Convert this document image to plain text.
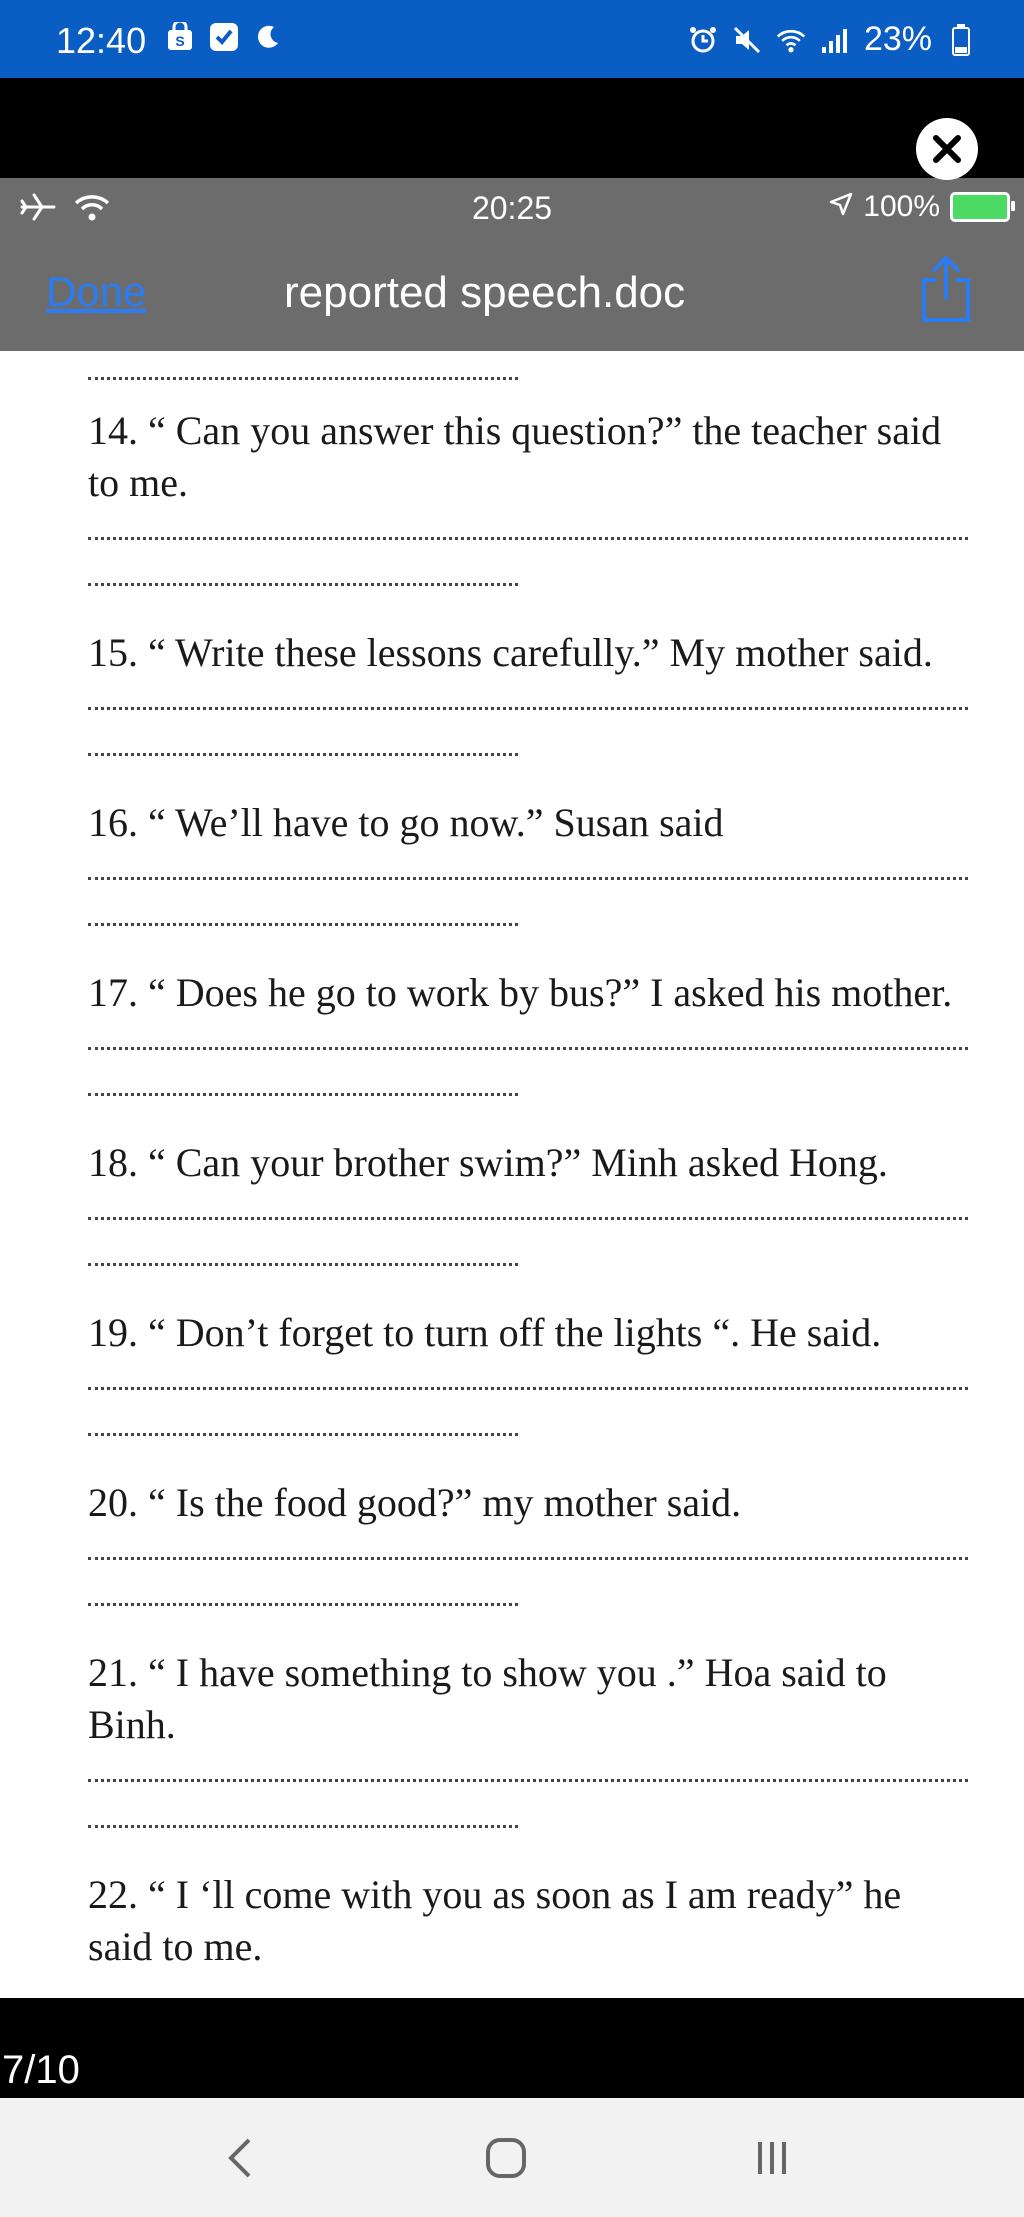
12:40 S	23%
20:25	100%
Done	reported speech.doc

14. “ Can you answer this question?” the teacher said to me.

15. “ Write these lessons carefully.” My mother said.

16. “ We’ll have to go now.” Susan said

17. “ Does he go to work by bus?” I asked his mother.

18. “ Can your brother swim?” Minh asked Hong.

19. “ Don’t forget to turn off the lights “. He said.

20. “ Is the food good?” my mother said.

21. “ I have something to show you .” Hoa said to Binh.

22. “ I ‘ll come with you as soon as I am ready” he said to me.

7/10
